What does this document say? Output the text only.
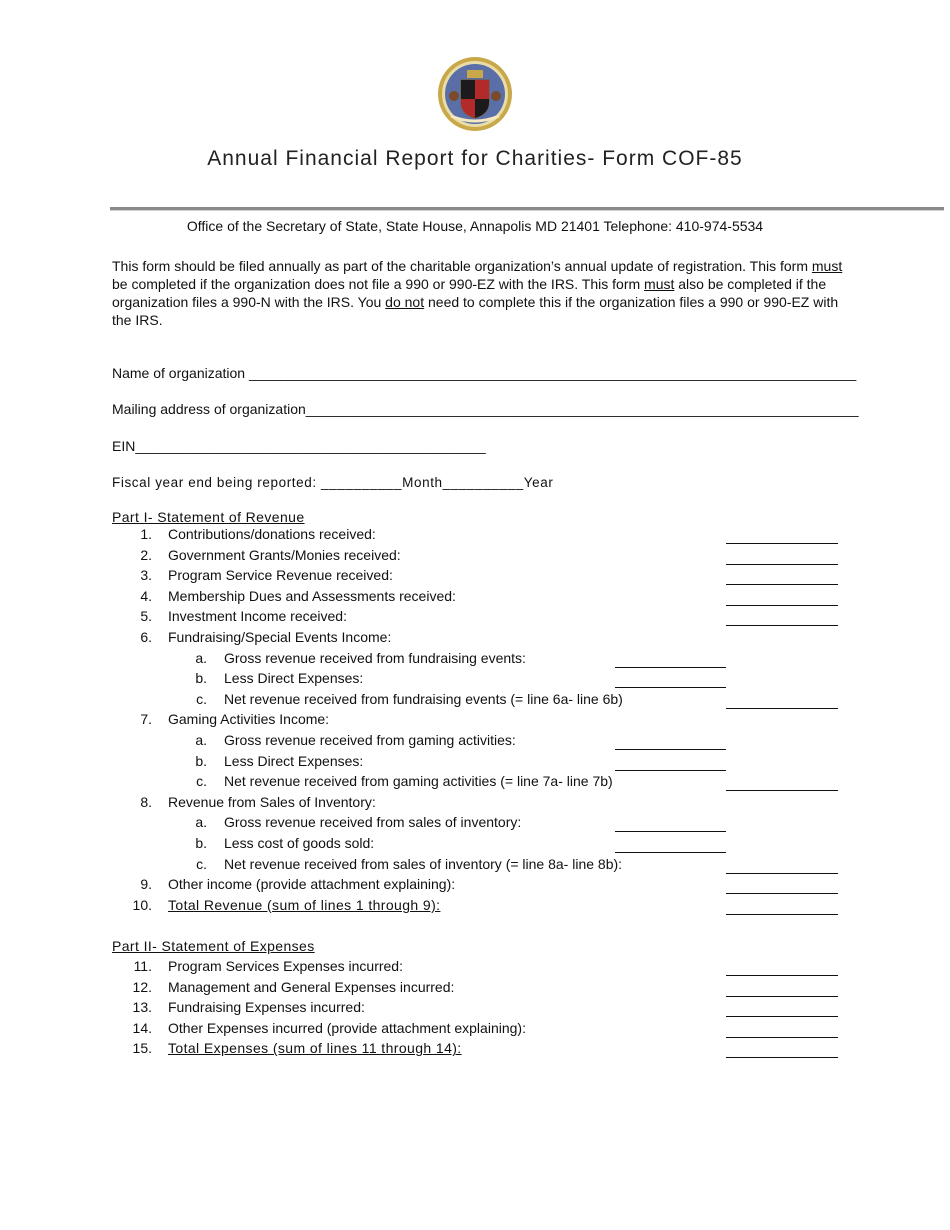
Annual Financial Report for Charities- Form COF-85
Office of the Secretary of State, State House, Annapolis MD 21401 Telephone: 410-974-5534
This form should be filed annually as part of the charitable organization’s annual update of registration. This form must be completed if the organization does not file a 990 or 990-EZ with the IRS. This form must also be completed if the organization files a 990-N with the IRS. You do not need to complete this if the organization files a 990 or 990-EZ with the IRS.
Name of organization ______________________________________________________________________________
Mailing address of organization_______________________________________________________________________
EIN_____________________________________________
Fiscal year end being reported: __________Month__________Year
Part I- Statement of Revenue
1. Contributions/donations received:
2. Government Grants/Monies received:
3. Program Service Revenue received:
4. Membership Dues and Assessments received:
5. Investment Income received:
6. Fundraising/Special Events Income:
a. Gross revenue received from fundraising events:
b. Less Direct Expenses:
c. Net revenue received from fundraising events (= line 6a- line 6b)
7. Gaming Activities Income:
a. Gross revenue received from gaming activities:
b. Less Direct Expenses:
c. Net revenue received from gaming activities (= line 7a- line 7b)
8. Revenue from Sales of Inventory:
a. Gross revenue received from sales of inventory:
b. Less cost of goods sold:
c. Net revenue received from sales of inventory (= line 8a- line 8b):
9. Other income (provide attachment explaining):
10. Total Revenue (sum of lines 1 through 9):
Part II- Statement of Expenses
11. Program Services Expenses incurred:
12. Management and General Expenses incurred:
13. Fundraising Expenses incurred:
14. Other Expenses incurred (provide attachment explaining):
15. Total Expenses (sum of lines 11 through 14):
